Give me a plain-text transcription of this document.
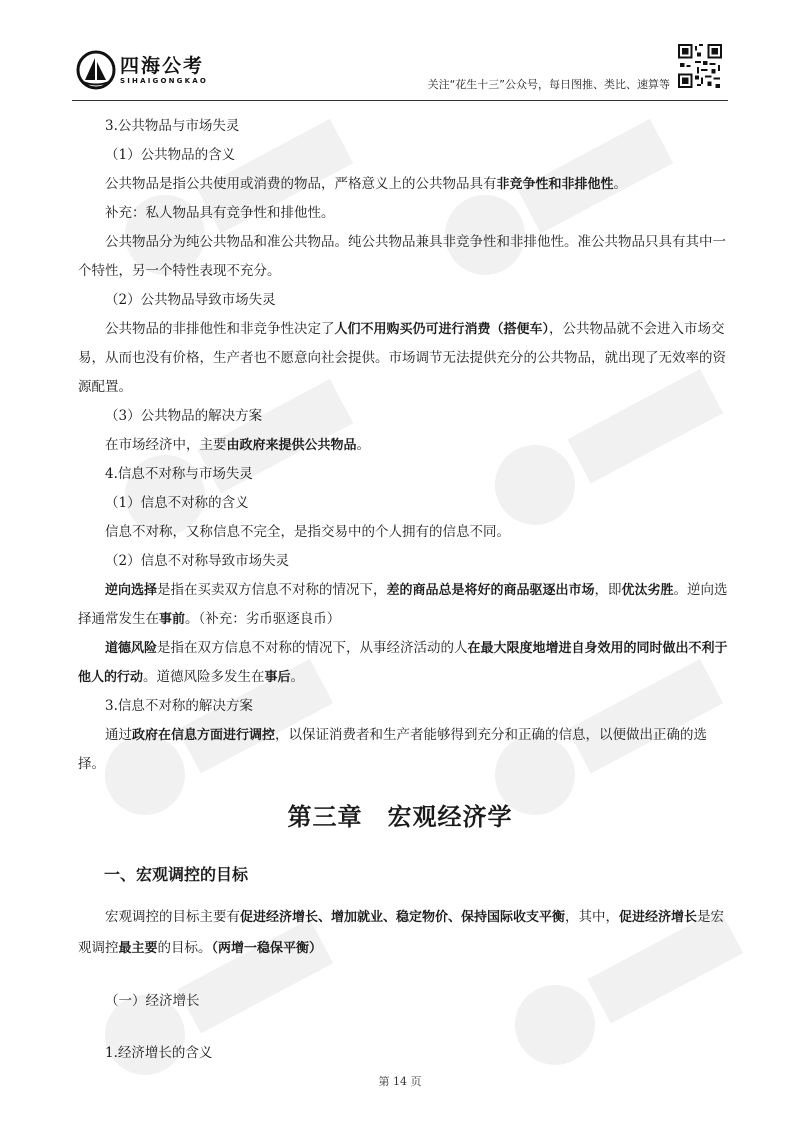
四海公考
SIHAIGONGKAO	关注“花生十三”公众号，每日图推、类比、速算等

3.公共物品与市场失灵

（1）公共物品的含义

公共物品是指公共使用或消费的物品，严格意义上的公共物品具有非竞争性和非排他性。

补充：私人物品具有竞争性和排他性。

公共物品分为纯公共物品和准公共物品。纯公共物品兼具非竞争性和非排他性。准公共物品只具有其中一个特性，另一个特性表现不充分。

（2）公共物品导致市场失灵

公共物品的非排他性和非竞争性决定了人们不用购买仍可进行消费（搭便车），公共物品就不会进入市场交易，从而也没有价格，生产者也不愿意向社会提供。市场调节无法提供充分的公共物品，就出现了无效率的资源配置。

（3）公共物品的解决方案

在市场经济中，主要由政府来提供公共物品。

4.信息不对称与市场失灵

（1）信息不对称的含义

信息不对称，又称信息不完全，是指交易中的个人拥有的信息不同。

（2）信息不对称导致市场失灵

逆向选择是指在买卖双方信息不对称的情况下，差的商品总是将好的商品驱逐出市场，即优汰劣胜。逆向选择通常发生在事前。（补充：劣币驱逐良币）

道德风险是指在双方信息不对称的情况下，从事经济活动的人在最大限度地增进自身效用的同时做出不利于他人的行动。道德风险多发生在事后。

3.信息不对称的解决方案

通过政府在信息方面进行调控，以保证消费者和生产者能够得到充分和正确的信息，以便做出正确的选择。

第三章　宏观经济学
一、宏观调控的目标

宏观调控的目标主要有促进经济增长、增加就业、稳定物价、保持国际收支平衡，其中，促进经济增长是宏观调控最主要的目标。（两增一稳保平衡）

（一）经济增长

1.经济增长的含义

第 14 页
